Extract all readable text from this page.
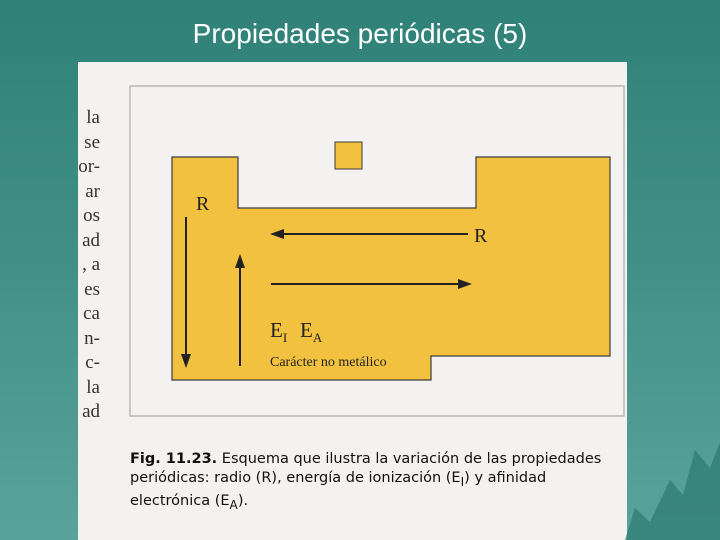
Propiedades periódicas (5)
la
se
or-
ar
os
ad
, a
es
ca
n-
c-
la
ad
R
R
$E_I$ $E_A$
Carácter no metálico
Fig. 11.23. Esquema que ilustra la variación de las propiedades
periódicas: radio (R), energía de ionización $(E_I)$ y afinidad
electrónica $(E_A)$.
